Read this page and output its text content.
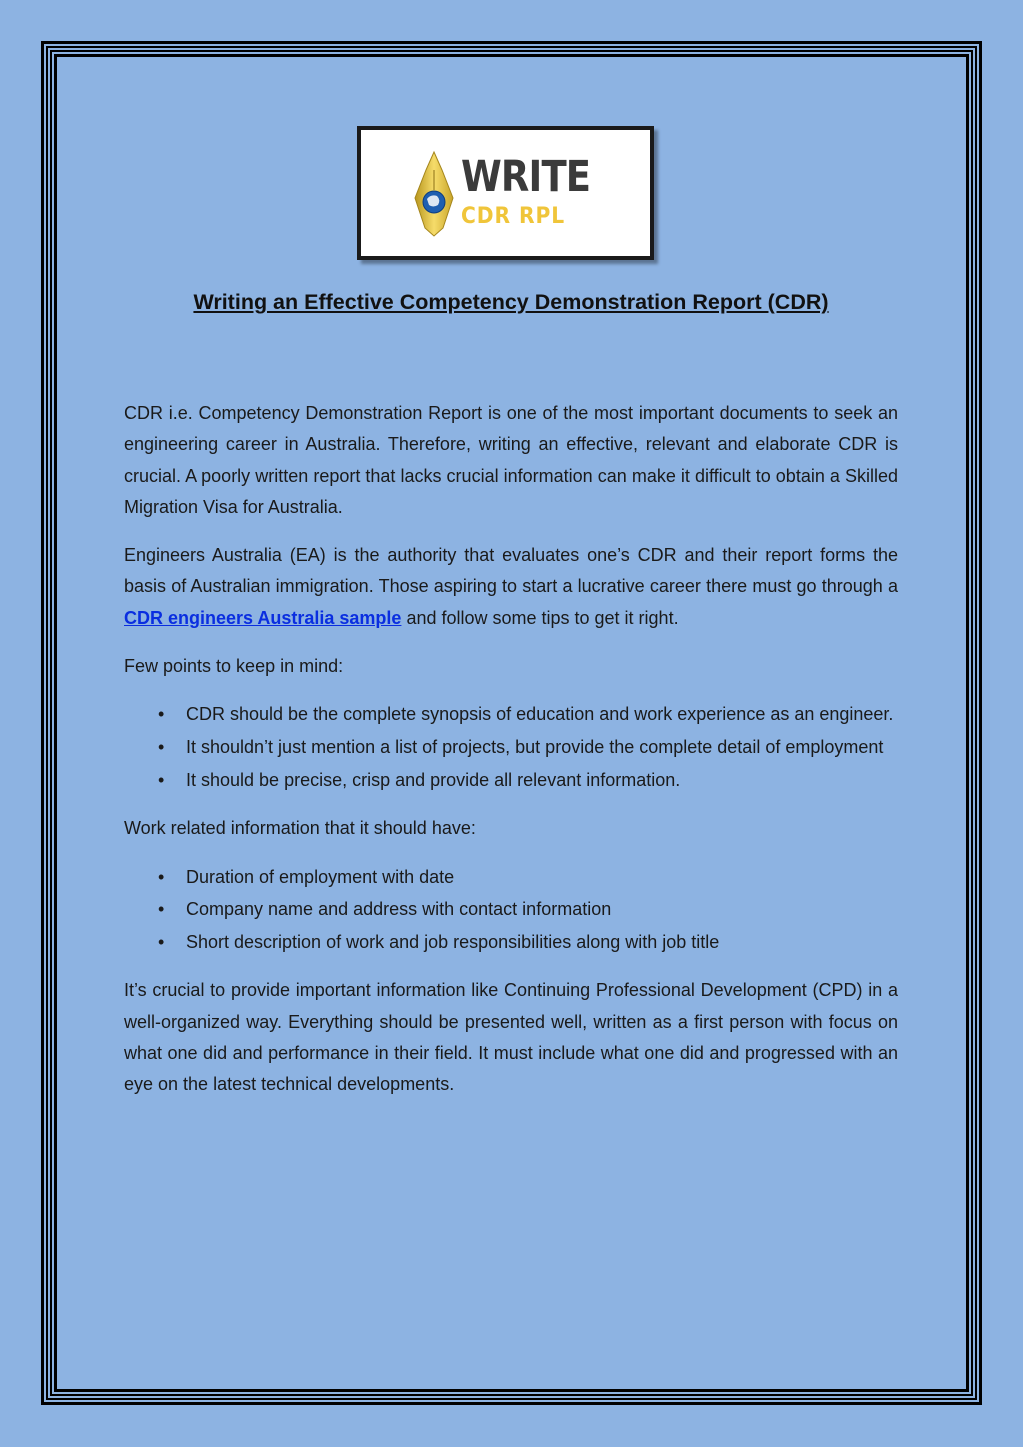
WRITE
CDR RPL
Writing an Effective Competency Demonstration Report (CDR)

CDR i.e. Competency Demonstration Report is one of the most important documents to seek an engineering career in Australia. Therefore, writing an effective, relevant and elaborate CDR is crucial. A poorly written report that lacks crucial information can make it difficult to obtain a Skilled Migration Visa for Australia.

Engineers Australia (EA) is the authority that evaluates one’s CDR and their report forms the basis of Australian immigration. Those aspiring to start a lucrative career there must go through a CDR engineers Australia sample and follow some tips to get it right.

Few points to keep in mind:

• CDR should be the complete synopsis of education and work experience as an engineer.
• It shouldn’t just mention a list of projects, but provide the complete detail of employment
• It should be precise, crisp and provide all relevant information.

Work related information that it should have:

• Duration of employment with date
• Company name and address with contact information
• Short description of work and job responsibilities along with job title

It’s crucial to provide important information like Continuing Professional Development (CPD) in a well-organized way. Everything should be presented well, written as a first person with focus on what one did and performance in their field. It must include what one did and progressed with an eye on the latest technical developments.
